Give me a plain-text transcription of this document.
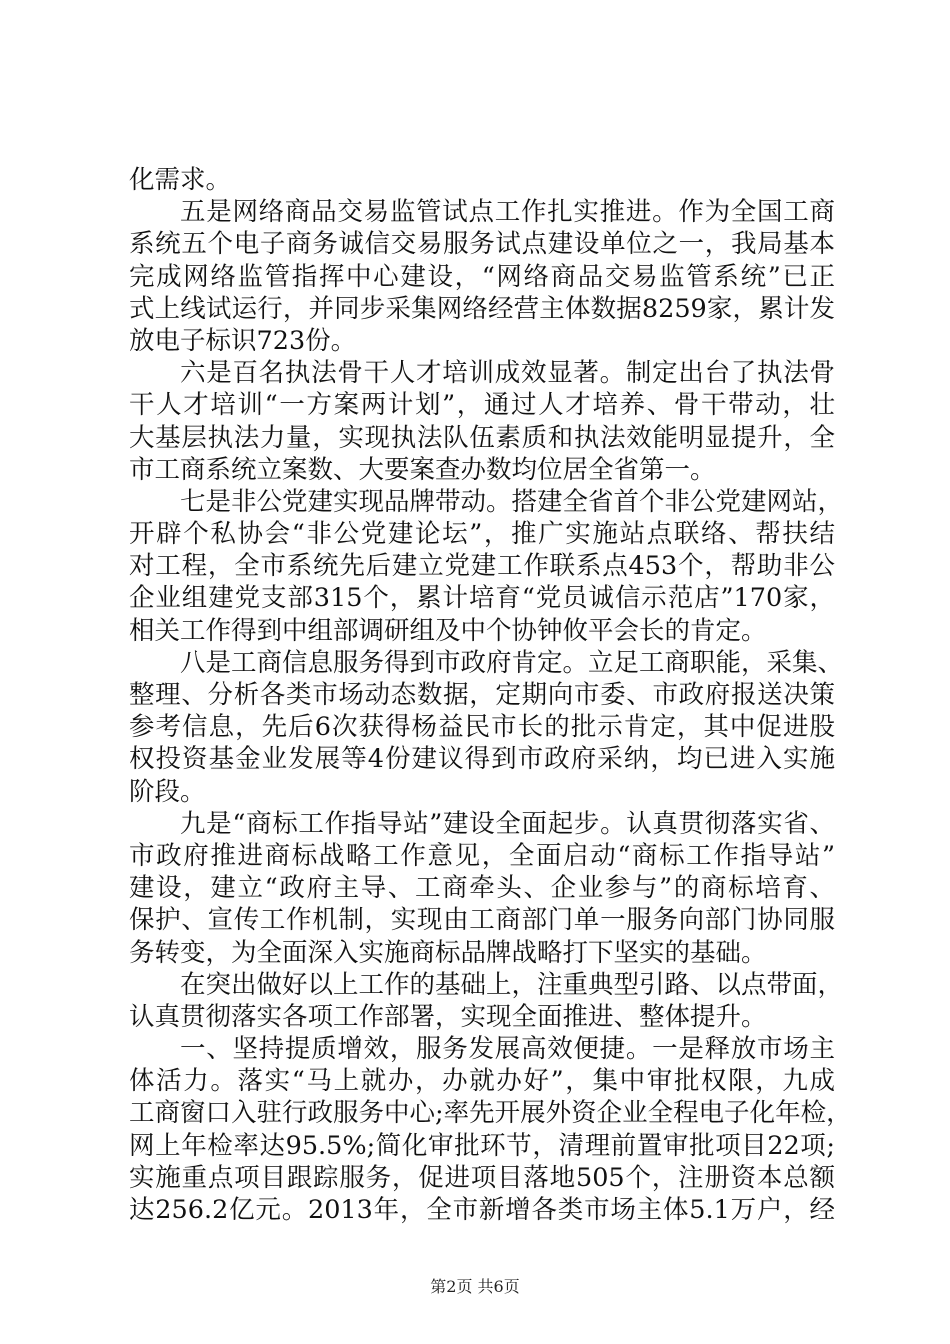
化需求。
五是网络商品交易监管试点工作扎实推进。作为全国工商
系统五个电子商务诚信交易服务试点建设单位之一，我局基本
完成网络监管指挥中心建设，“网络商品交易监管系统”已正
式上线试运行，并同步采集网络经营主体数据8259家，累计发
放电子标识723份。
六是百名执法骨干人才培训成效显著。制定出台了执法骨
干人才培训“一方案两计划”，通过人才培养、骨干带动，壮
大基层执法力量，实现执法队伍素质和执法效能明显提升，全
市工商系统立案数、大要案查办数均位居全省第一。
七是非公党建实现品牌带动。搭建全省首个非公党建网站，
开辟个私协会“非公党建论坛”，推广实施站点联络、帮扶结
对工程，全市系统先后建立党建工作联系点453个，帮助非公
企业组建党支部315个，累计培育“党员诚信示范店”170家，
相关工作得到中组部调研组及中个协钟攸平会长的肯定。
八是工商信息服务得到市政府肯定。立足工商职能，采集、
整理、分析各类市场动态数据，定期向市委、市政府报送决策
参考信息，先后6次获得杨益民市长的批示肯定，其中促进股
权投资基金业发展等4份建议得到市政府采纳，均已进入实施
阶段。
九是“商标工作指导站”建设全面起步。认真贯彻落实省、
市政府推进商标战略工作意见，全面启动“商标工作指导站”
建设，建立“政府主导、工商牵头、企业参与”的商标培育、
保护、宣传工作机制，实现由工商部门单一服务向部门协同服
务转变，为全面深入实施商标品牌战略打下坚实的基础。
在突出做好以上工作的基础上，注重典型引路、以点带面，
认真贯彻落实各项工作部署，实现全面推进、整体提升。
一、坚持提质增效，服务发展高效便捷。一是释放市场主
体活力。落实“马上就办，办就办好”，集中审批权限，九成
工商窗口入驻行政服务中心;率先开展外资企业全程电子化年检，
网上年检率达95.5%;简化审批环节，清理前置审批项目22项;
实施重点项目跟踪服务，促进项目落地505个，注册资本总额
达256.2亿元。2013年，全市新增各类市场主体5.1万户，经
第2页 共6页
